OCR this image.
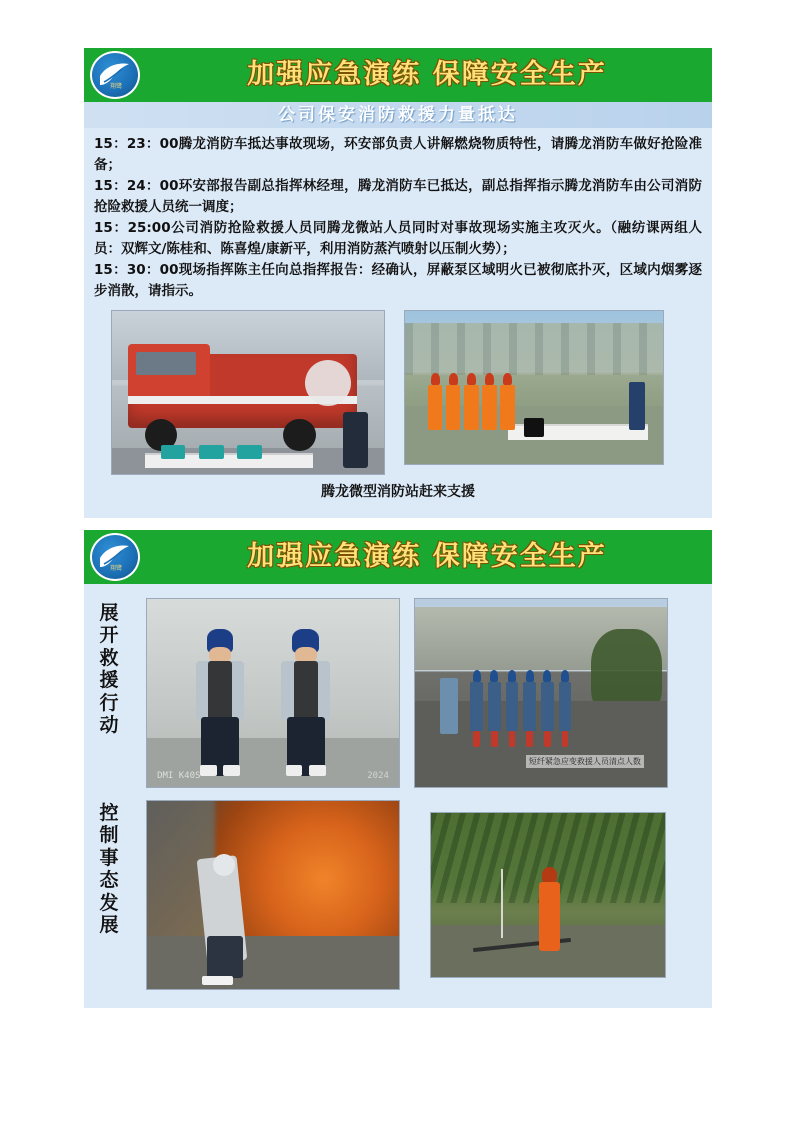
翔鹭	加强应急演练 保障安全生产
公司保安消防救援力量抵达

15：23：00腾龙消防车抵达事故现场，环安部负责人讲解燃烧物质特性，请腾龙消防车做好抢险准备；

15：24：00环安部报告副总指挥林经理，腾龙消防车已抵达，副总指挥指示腾龙消防车由公司消防抢险救援人员统一调度；

15：25:00公司消防抢险救援人员同腾龙微站人员同时对事故现场实施主攻灭火。（融纺课两组人员：双辉文/陈桂和、陈喜煌/康新平，利用消防蒸汽喷射以压制火势）；

15：30：00现场指挥陈主任向总指挥报告：经确认，屏蔽泵区域明火已被彻底扑灭，区域内烟雾逐步消散，请指示。

腾龙微型消防站赶来支援
翔鹭	加强应急演练 保障安全生产
展
开
救
援
行
动
控
制
事
态
发
展
DMI K40S	2024
短纤紧急应变救援人员清点人数
